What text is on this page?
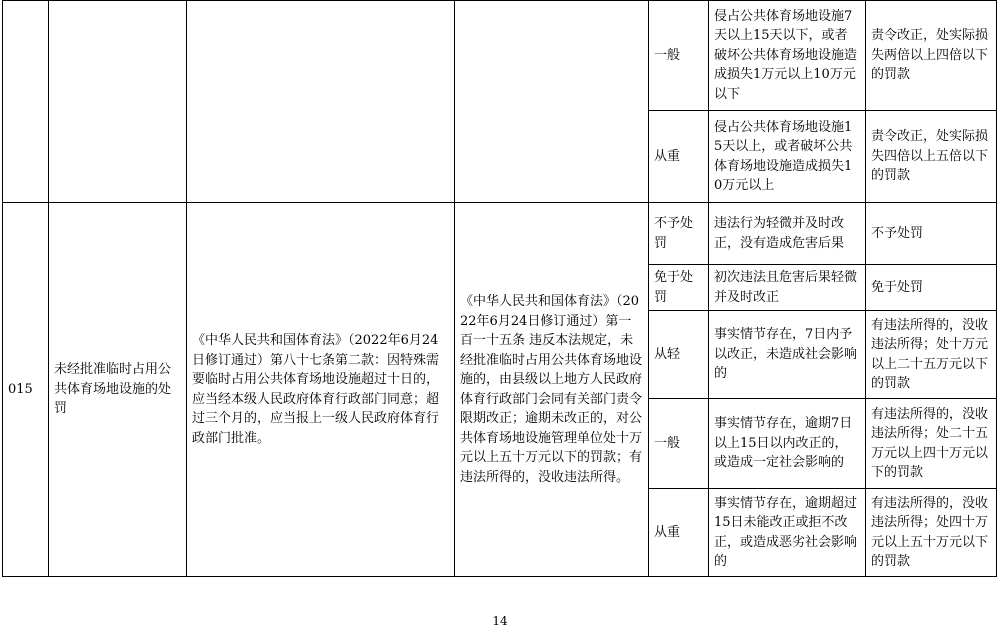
				一般	侵占公共体育场地设施7天以上15天以下，或者破坏公共体育场地设施造成损失1万元以上10万元以下	责令改正，处实际损失两倍以上四倍以下的罚款
				从重	侵占公共体育场地设施15天以上，或者破坏公共体育场地设施造成损失10万元以上	责令改正，处实际损失四倍以上五倍以下的罚款
015	未经批准临时占用公共体育场地设施的处罚	《中华人民共和国体育法》（2022年6月24日修订通过）第八十七条第二款：因特殊需要临时占用公共体育场地设施超过十日的，应当经本级人民政府体育行政部门同意；超过三个月的，应当报上一级人民政府体育行政部门批准。	《中华人民共和国体育法》（2022年6月24日修订通过）第一百一十五条 违反本法规定，未经批准临时占用公共体育场地设施的，由县级以上地方人民政府体育行政部门会同有关部门责令限期改正；逾期未改正的，对公共体育场地设施管理单位处十万元以上五十万元以下的罚款；有违法所得的，没收违法所得。	不予处罚	违法行为轻微并及时改正，没有造成危害后果	不予处罚
				免于处罚	初次违法且危害后果轻微并及时改正	免于处罚
				从轻	事实情节存在，7日内予以改正，未造成社会影响的	有违法所得的，没收违法所得；处十万元以上二十五万元以下的罚款
				一般	事实情节存在，逾期7日以上15日以内改正的，或造成一定社会影响的	有违法所得的，没收违法所得；处二十五万元以上四十万元以下的罚款
				从重	事实情节存在，逾期超过15日未能改正或拒不改正，或造成恶劣社会影响的	有违法所得的，没收违法所得；处四十万元以上五十万元以下的罚款
14
